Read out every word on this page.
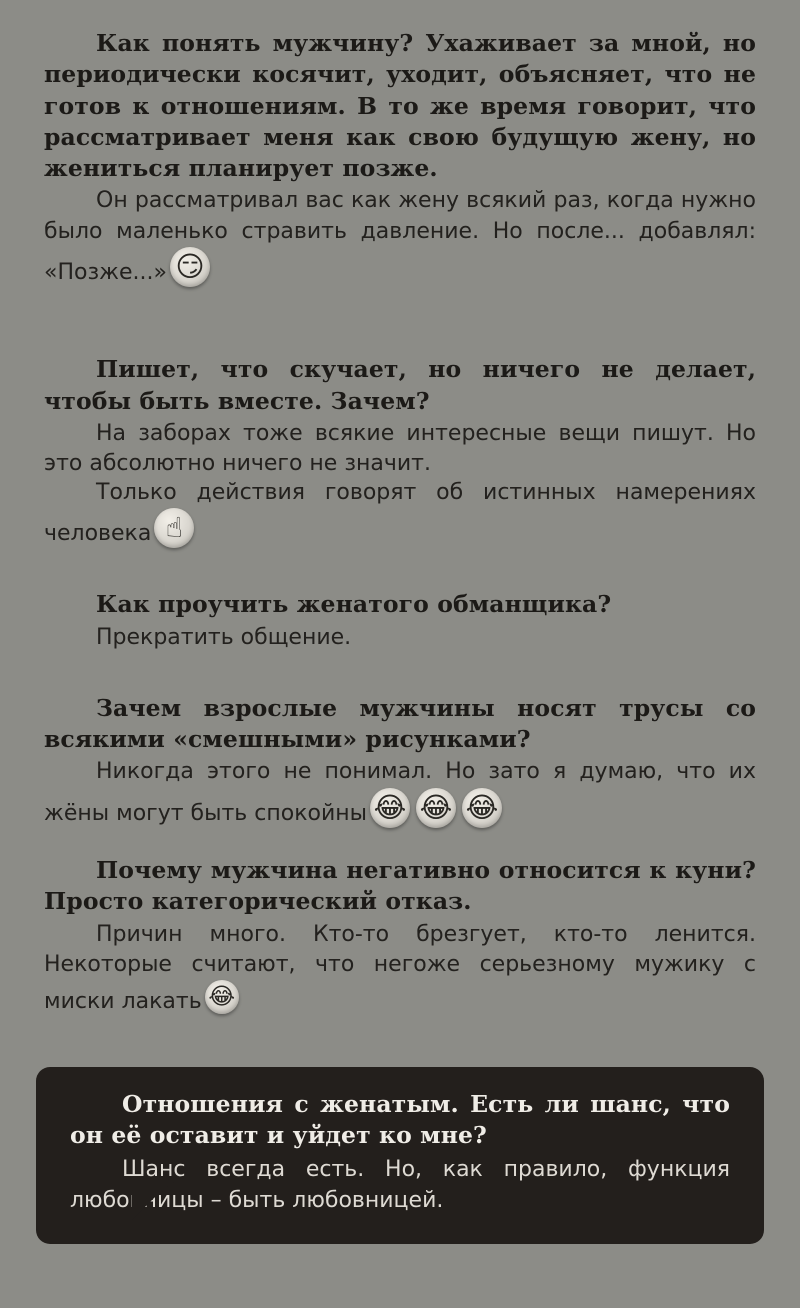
Как понять мужчину? Ухаживает за мной, но периодически косячит, уходит, объясняет, что не готов к отношениям. В то же время говорит, что рассматривает меня как свою будущую жену, но жениться планирует позже.

Он рассматривал вас как жену всякий раз, когда нужно было маленько стравить давление. Но после... добавлял: «Позже...» 😏

Пишет, что скучает, но ничего не делает, чтобы быть вместе. Зачем?

На заборах тоже всякие интересные вещи пишут. Но это абсолютно ничего не значит.

Только действия говорят об истинных намерениях человека ☝

Как проучить женатого обманщика?

Прекратить общение.

Зачем взрослые мужчины носят трусы со всякими «смешными» рисунками?

Никогда этого не понимал. Но зато я думаю, что их жёны могут быть спокойны 😂 😂 😂

Почему мужчина негативно относится к куни? Просто категорический отказ.

Причин много. Кто-то брезгует, кто-то ленится. Некоторые считают, что негоже серьезному мужику с миски лакать 😂

Отношения с женатым. Есть ли шанс, что он её оставит и уйдет ко мне?

Шанс всегда есть. Но, как правило, функция любовницы – быть любовницей.
